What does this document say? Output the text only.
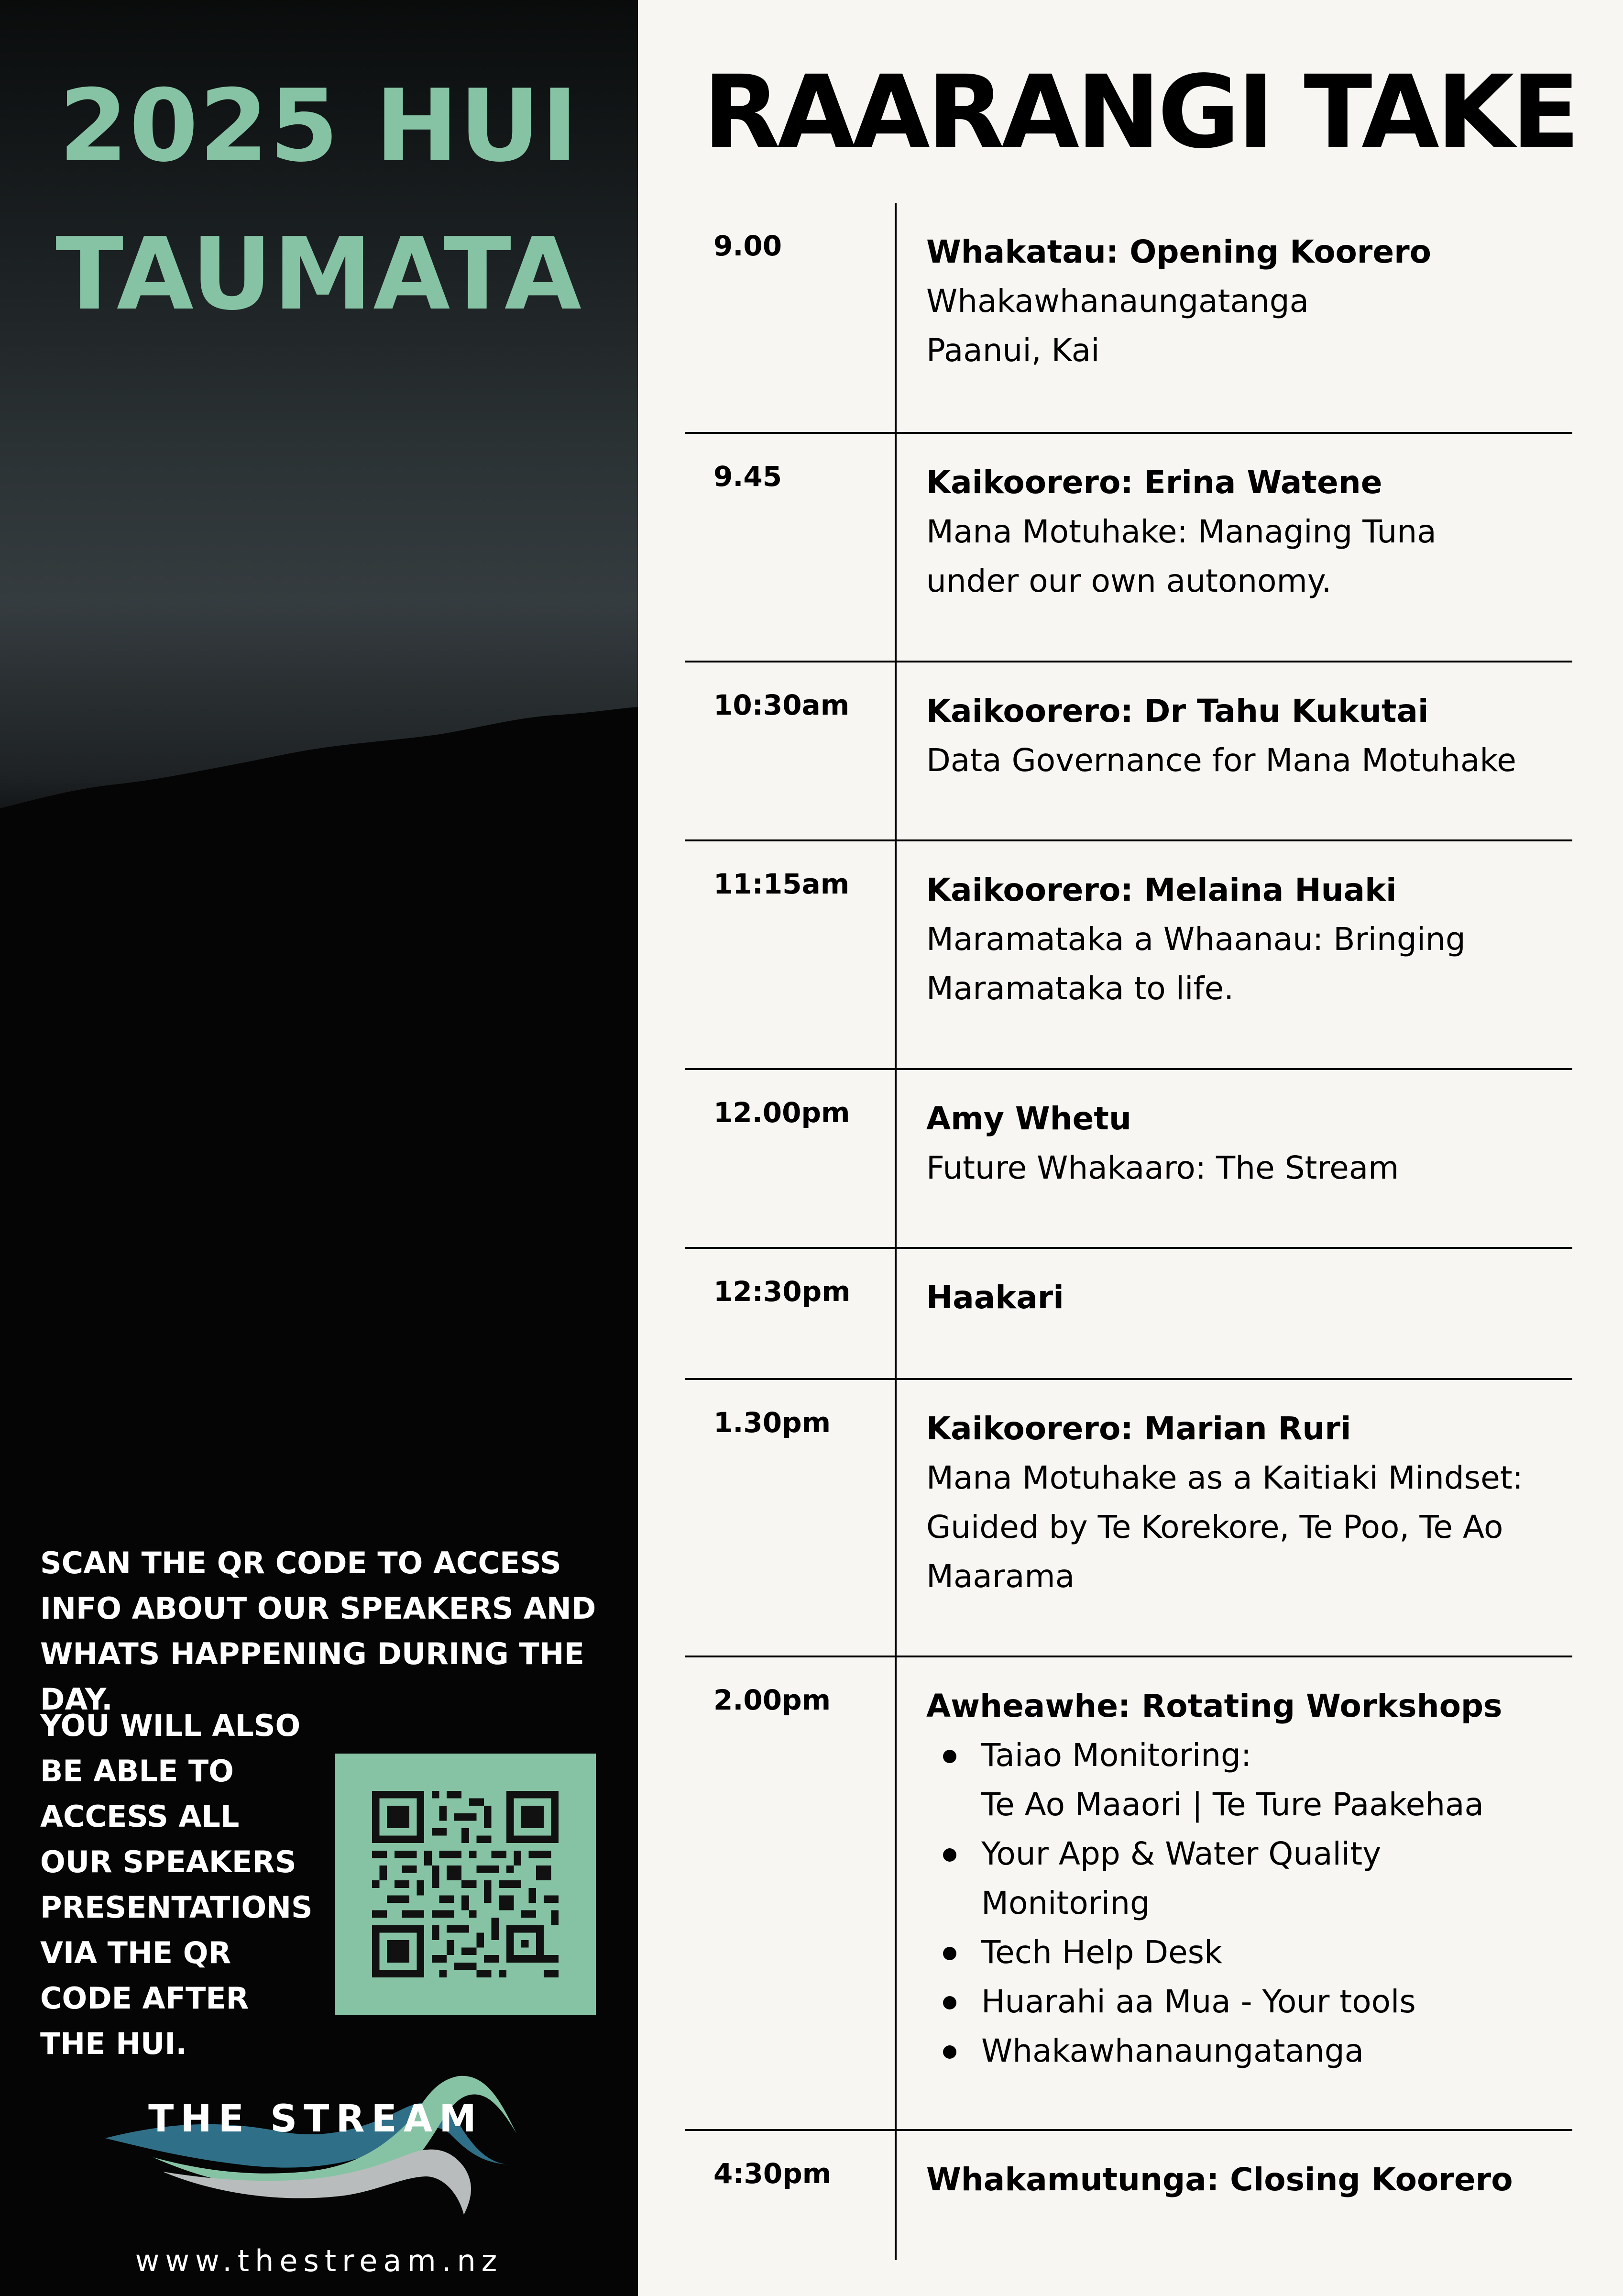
2025 HUI
TAUMATA

SCAN THE QR CODE TO ACCESS INFO ABOUT OUR SPEAKERS AND WHATS HAPPENING DURING THE DAY.

YOU WILL ALSO BE ABLE TO ACCESS ALL OUR SPEAKERS PRESENTATIONS VIA THE QR CODE AFTER THE HUI.

THE STREAM
www.thestream.nz
RAARANGI TAKE
9.00	Whakatau: Opening Koorero

Whakawhanaungatanga

Paanui, Kai

9.45	Kaikoorero: Erina Watene

Mana Motuhake: Managing Tuna

under our own autonomy.

10:30am Kaikoorero: Dr Tahu Kukutai

Data Governance for Mana Motuhake

11:15am Kaikoorero: Melaina Huaki

Maramataka a Whaanau: Bringing

Maramataka to life.

12.00pm Amy Whetu

Future Whakaaro: The Stream

12:30pm Haakari

1.30pm	Kaikoorero: Marian Ruri

Mana Motuhake as a Kaitiaki Mindset:

Guided by Te Korekore, Te Poo, Te Ao

Maarama

2.00pm	Awheawhe: Rotating Workshops

Taiao Monitoring:
Te Ao Maaori | Te Ture Paakehaa
Your App & Water Quality
Monitoring
Tech Help Desk
Huarahi aa Mua - Your tools
Whakawhanaungatanga
4:30pm	Whakamutunga: Closing Koorero
